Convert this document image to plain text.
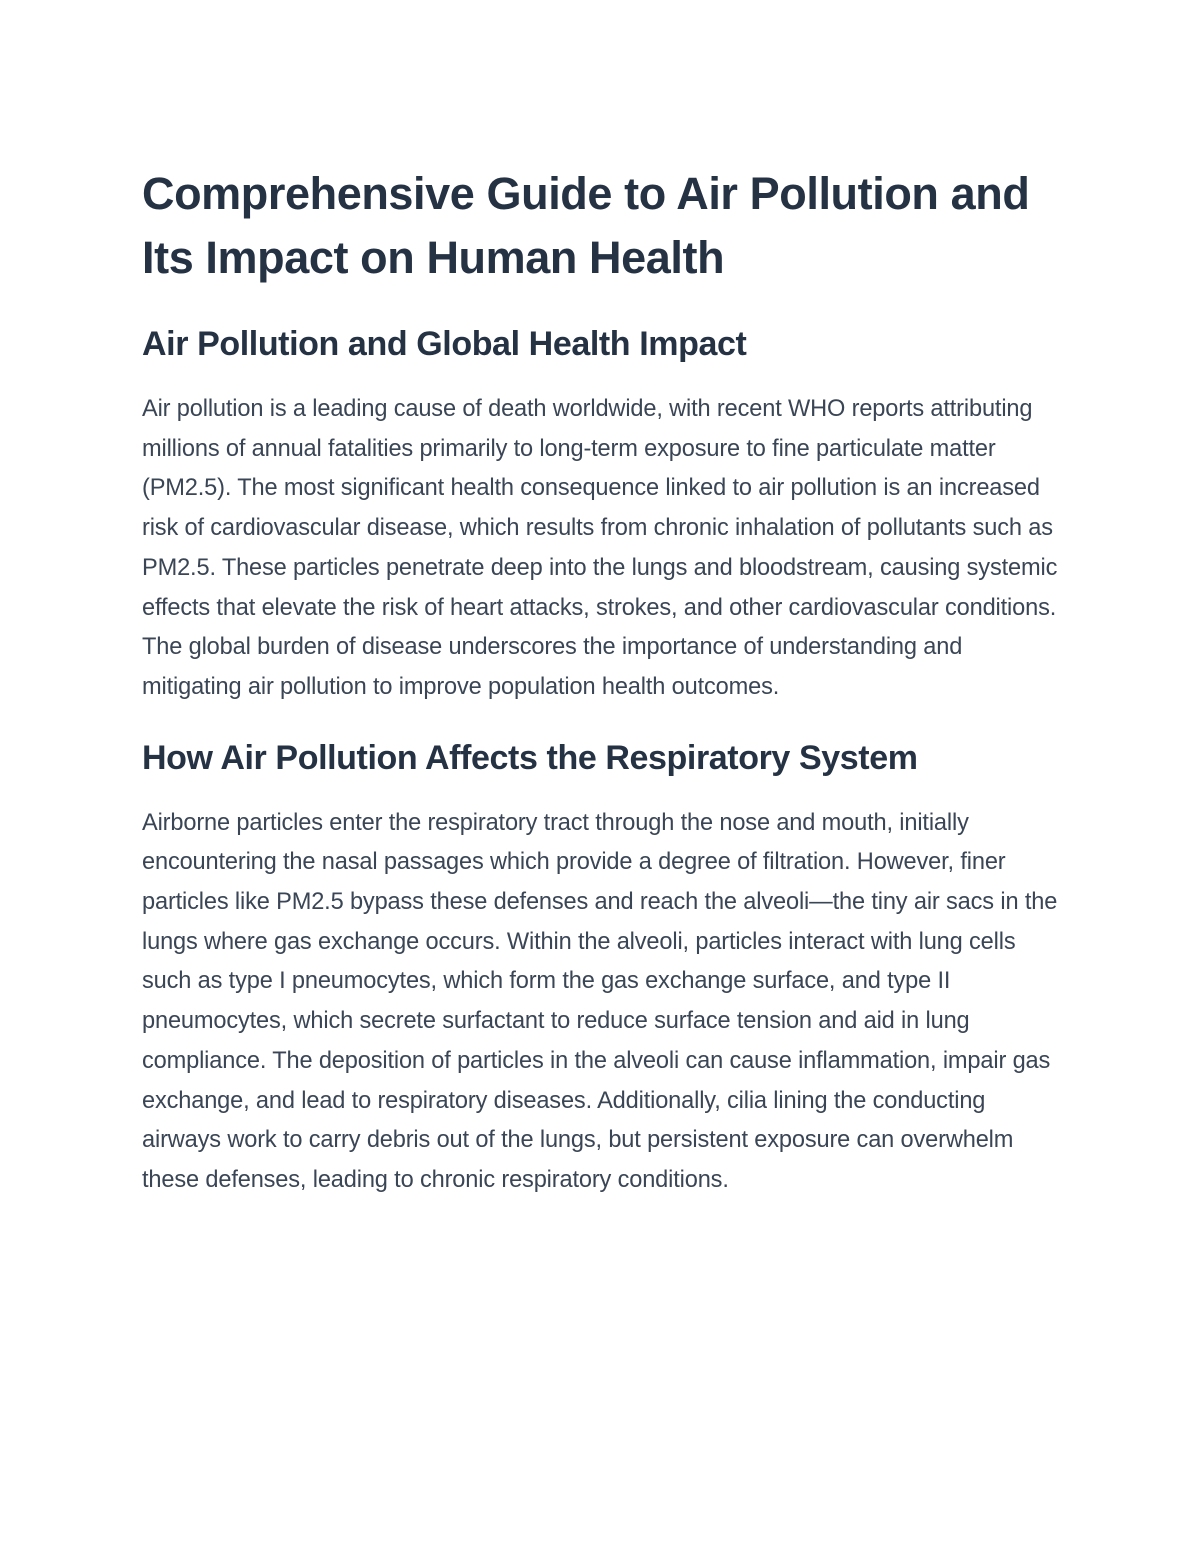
Comprehensive Guide to Air Pollution and Its Impact on Human Health
Air Pollution and Global Health Impact

Air pollution is a leading cause of death worldwide, with recent WHO reports attributing millions of annual fatalities primarily to long-term exposure to fine particulate matter (PM2.5). The most significant health consequence linked to air pollution is an increased risk of cardiovascular disease, which results from chronic inhalation of pollutants such as PM2.5. These particles penetrate deep into the lungs and bloodstream, causing systemic effects that elevate the risk of heart attacks, strokes, and other cardiovascular conditions. The global burden of disease underscores the importance of understanding and mitigating air pollution to improve population health outcomes.

How Air Pollution Affects the Respiratory System

Airborne particles enter the respiratory tract through the nose and mouth, initially encountering the nasal passages which provide a degree of filtration. However, finer particles like PM2.5 bypass these defenses and reach the alveoli—the tiny air sacs in the lungs where gas exchange occurs. Within the alveoli, particles interact with lung cells such as type I pneumocytes, which form the gas exchange surface, and type II pneumocytes, which secrete surfactant to reduce surface tension and aid in lung compliance. The deposition of particles in the alveoli can cause inflammation, impair gas exchange, and lead to respiratory diseases. Additionally, cilia lining the conducting airways work to carry debris out of the lungs, but persistent exposure can overwhelm these defenses, leading to chronic respiratory conditions.
